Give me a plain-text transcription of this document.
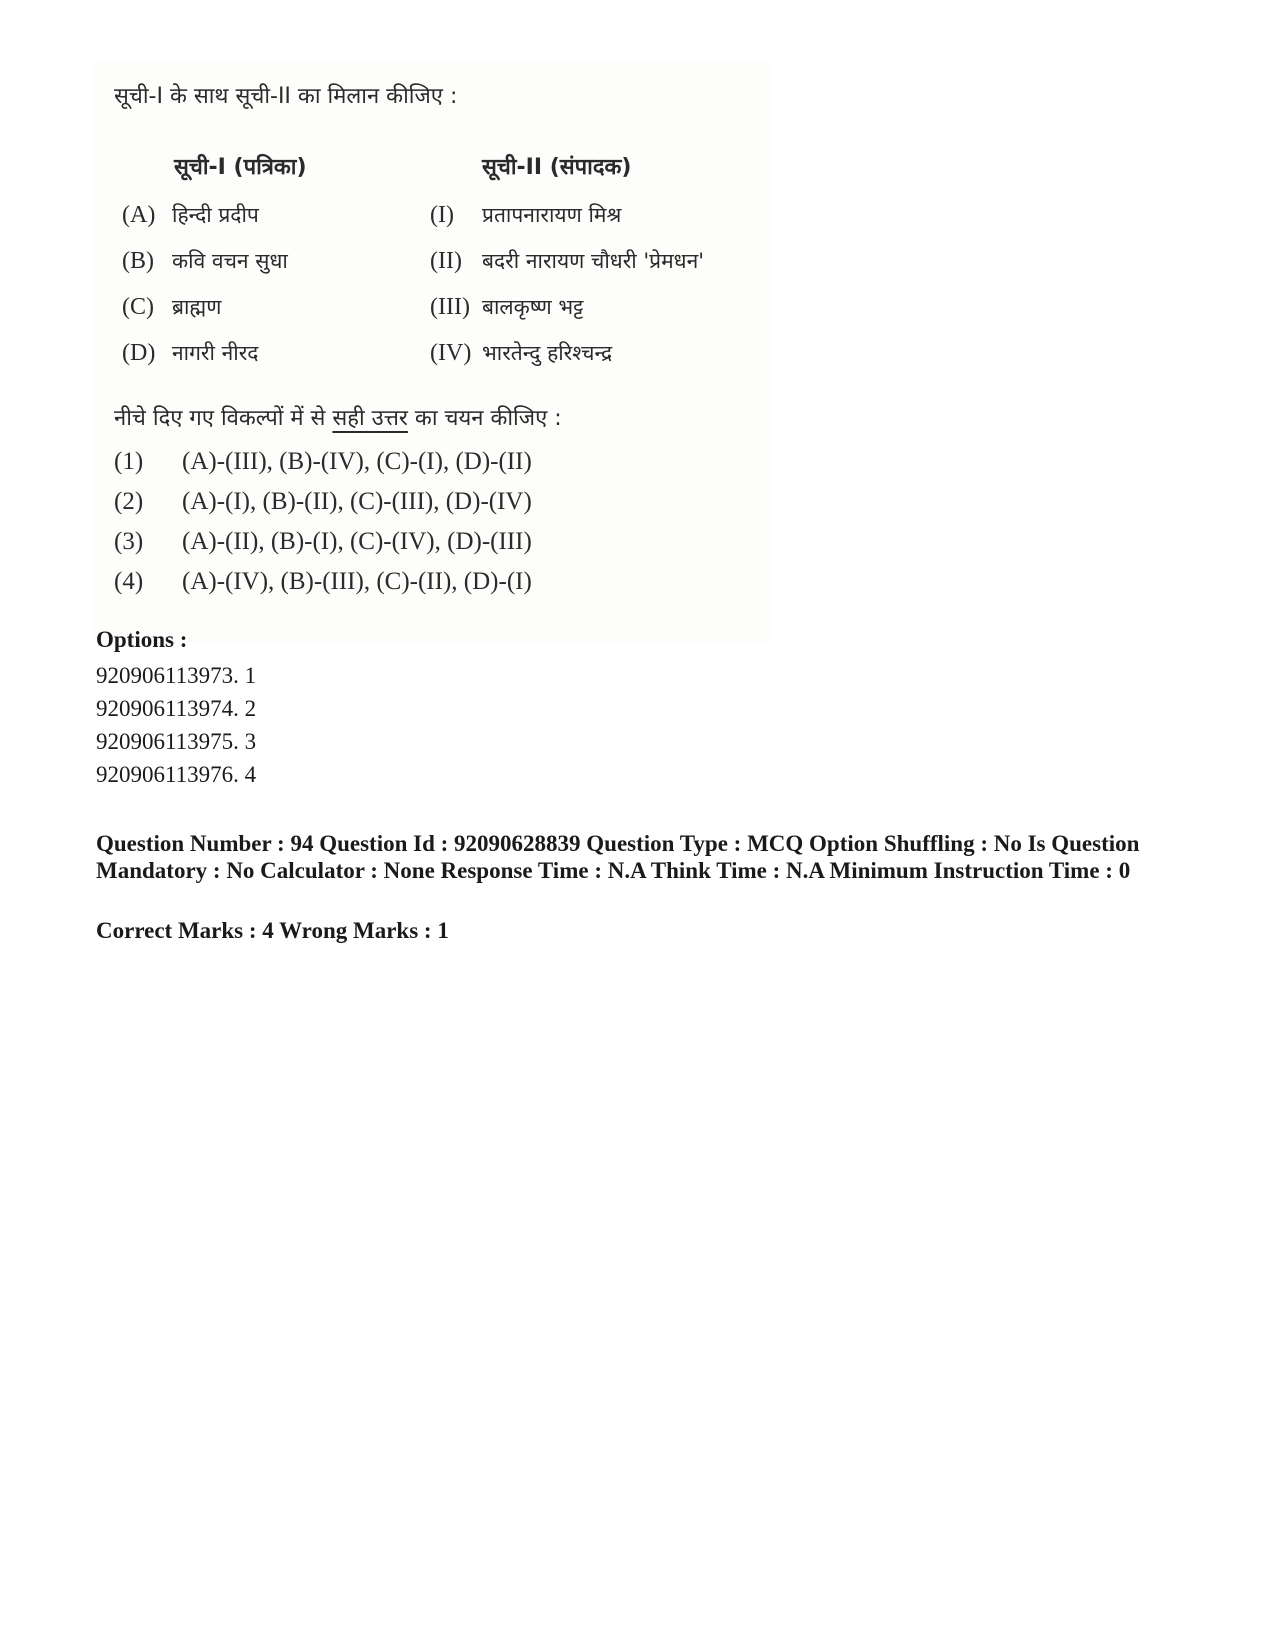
सूची-I के साथ सूची-II का मिलान कीजिए :

सूची-I (पत्रिका)	सूची-II (संपादक)
(A) हिन्दी प्रदीप	(I)	प्रतापनारायण मिश्र
(B) कवि वचन सुधा	(II) बदरी नारायण चौधरी 'प्रेमधन'
(C) ब्राह्मण	(III) बालकृष्ण भट्ट
(D) नागरी नीरद	(IV) भारतेन्दु हरिश्चन्द्र

नीचे दिए गए विकल्पों में से सही उत्तर का चयन कीजिए :

(1)	(A)-(III), (B)-(IV), (C)-(I), (D)-(II)
(2)	(A)-(I), (B)-(II), (C)-(III), (D)-(IV)
(3)	(A)-(II), (B)-(I), (C)-(IV), (D)-(III)
(4)	(A)-(IV), (B)-(III), (C)-(II), (D)-(I)

Options :

920906113973. 1
920906113974. 2
920906113975. 3
920906113976. 4

Question Number : 94 Question Id : 92090628839 Question Type : MCQ Option Shuffling : No Is Question Mandatory : No Calculator : None Response Time : N.A Think Time : N.A Minimum Instruction Time : 0

Correct Marks : 4 Wrong Marks : 1
